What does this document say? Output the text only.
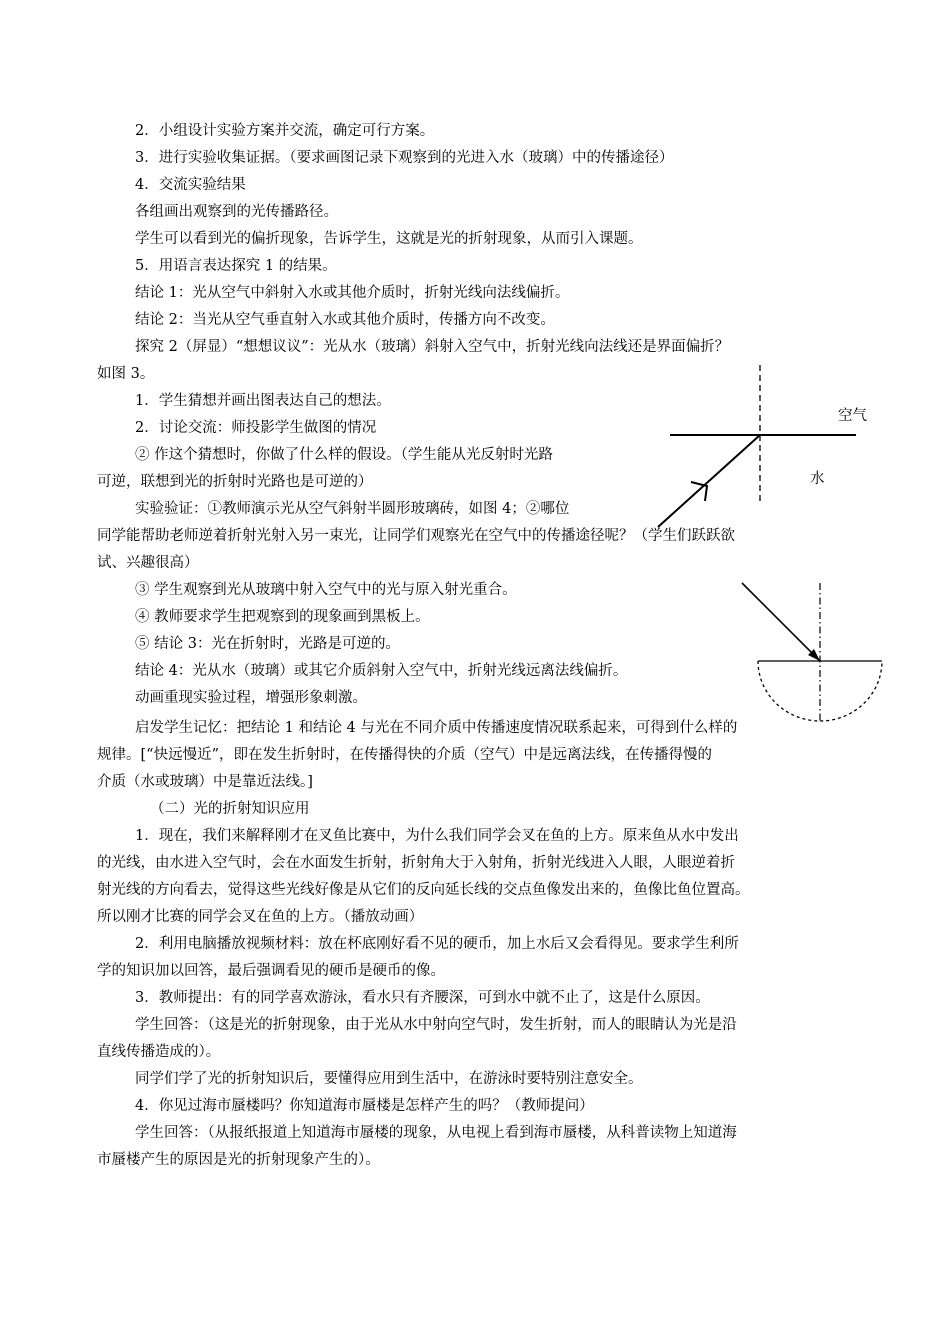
2．小组设计实验方案并交流，确定可行方案。
3．进行实验收集证据。（要求画图记录下观察到的光进入水（玻璃）中的传播途径）
4．交流实验结果
各组画出观察到的光传播路径。
学生可以看到光的偏折现象，告诉学生，这就是光的折射现象，从而引入课题。
5．用语言表达探究 1 的结果。
结论 1：光从空气中斜射入水或其他介质时，折射光线向法线偏折。
结论 2：当光从空气垂直射入水或其他介质时，传播方向不改变。
探究 2（屏显）“想想议议”：光从水（玻璃）斜射入空气中，折射光线向法线还是界面偏折？
如图 3。
1．学生猜想并画出图表达自己的想法。
2．讨论交流：师投影学生做图的情况
② 作这个猜想时，你做了什么样的假设。（学生能从光反射时光路
可逆，联想到光的折射时光路也是可逆的）
实验验证：①教师演示光从空气斜射半圆形玻璃砖，如图 4；②哪位
同学能帮助老师逆着折射光射入另一束光，让同学们观察光在空气中的传播途径呢？（学生们跃跃欲
试、兴趣很高）
③ 学生观察到光从玻璃中射入空气中的光与原入射光重合。
④ 教师要求学生把观察到的现象画到黑板上。
⑤ 结论 3：光在折射时，光路是可逆的。
结论 4：光从水（玻璃）或其它介质斜射入空气中，折射光线远离法线偏折。
动画重现实验过程，增强形象刺激。
启发学生记忆：把结论 1 和结论 4 与光在不同介质中传播速度情况联系起来，可得到什么样的
规律。[“快远慢近”，即在发生折射时，在传播得快的介质（空气）中是远离法线，在传播得慢的
介质（水或玻璃）中是靠近法线。]
（二）光的折射知识应用
1．现在，我们来解释刚才在叉鱼比赛中，为什么我们同学会叉在鱼的上方。原来鱼从水中发出
的光线，由水进入空气时，会在水面发生折射，折射角大于入射角，折射光线进入人眼，人眼逆着折
射光线的方向看去，觉得这些光线好像是从它们的反向延长线的交点鱼像发出来的，鱼像比鱼位置高。
所以刚才比赛的同学会叉在鱼的上方。（播放动画）
2．利用电脑播放视频材料：放在杯底刚好看不见的硬币，加上水后又会看得见。要求学生利所
学的知识加以回答，最后强调看见的硬币是硬币的像。
3．教师提出：有的同学喜欢游泳，看水只有齐腰深，可到水中就不止了，这是什么原因。
学生回答：（这是光的折射现象，由于光从水中射向空气时，发生折射，而人的眼睛认为光是沿
直线传播造成的）。
同学们学了光的折射知识后，要懂得应用到生活中，在游泳时要特别注意安全。
4．你见过海市蜃楼吗？你知道海市蜃楼是怎样产生的吗？（教师提问）
学生回答：（从报纸报道上知道海市蜃楼的现象，从电视上看到海市蜃楼，从科普读物上知道海
市蜃楼产生的原因是光的折射现象产生的）。
空气
水
